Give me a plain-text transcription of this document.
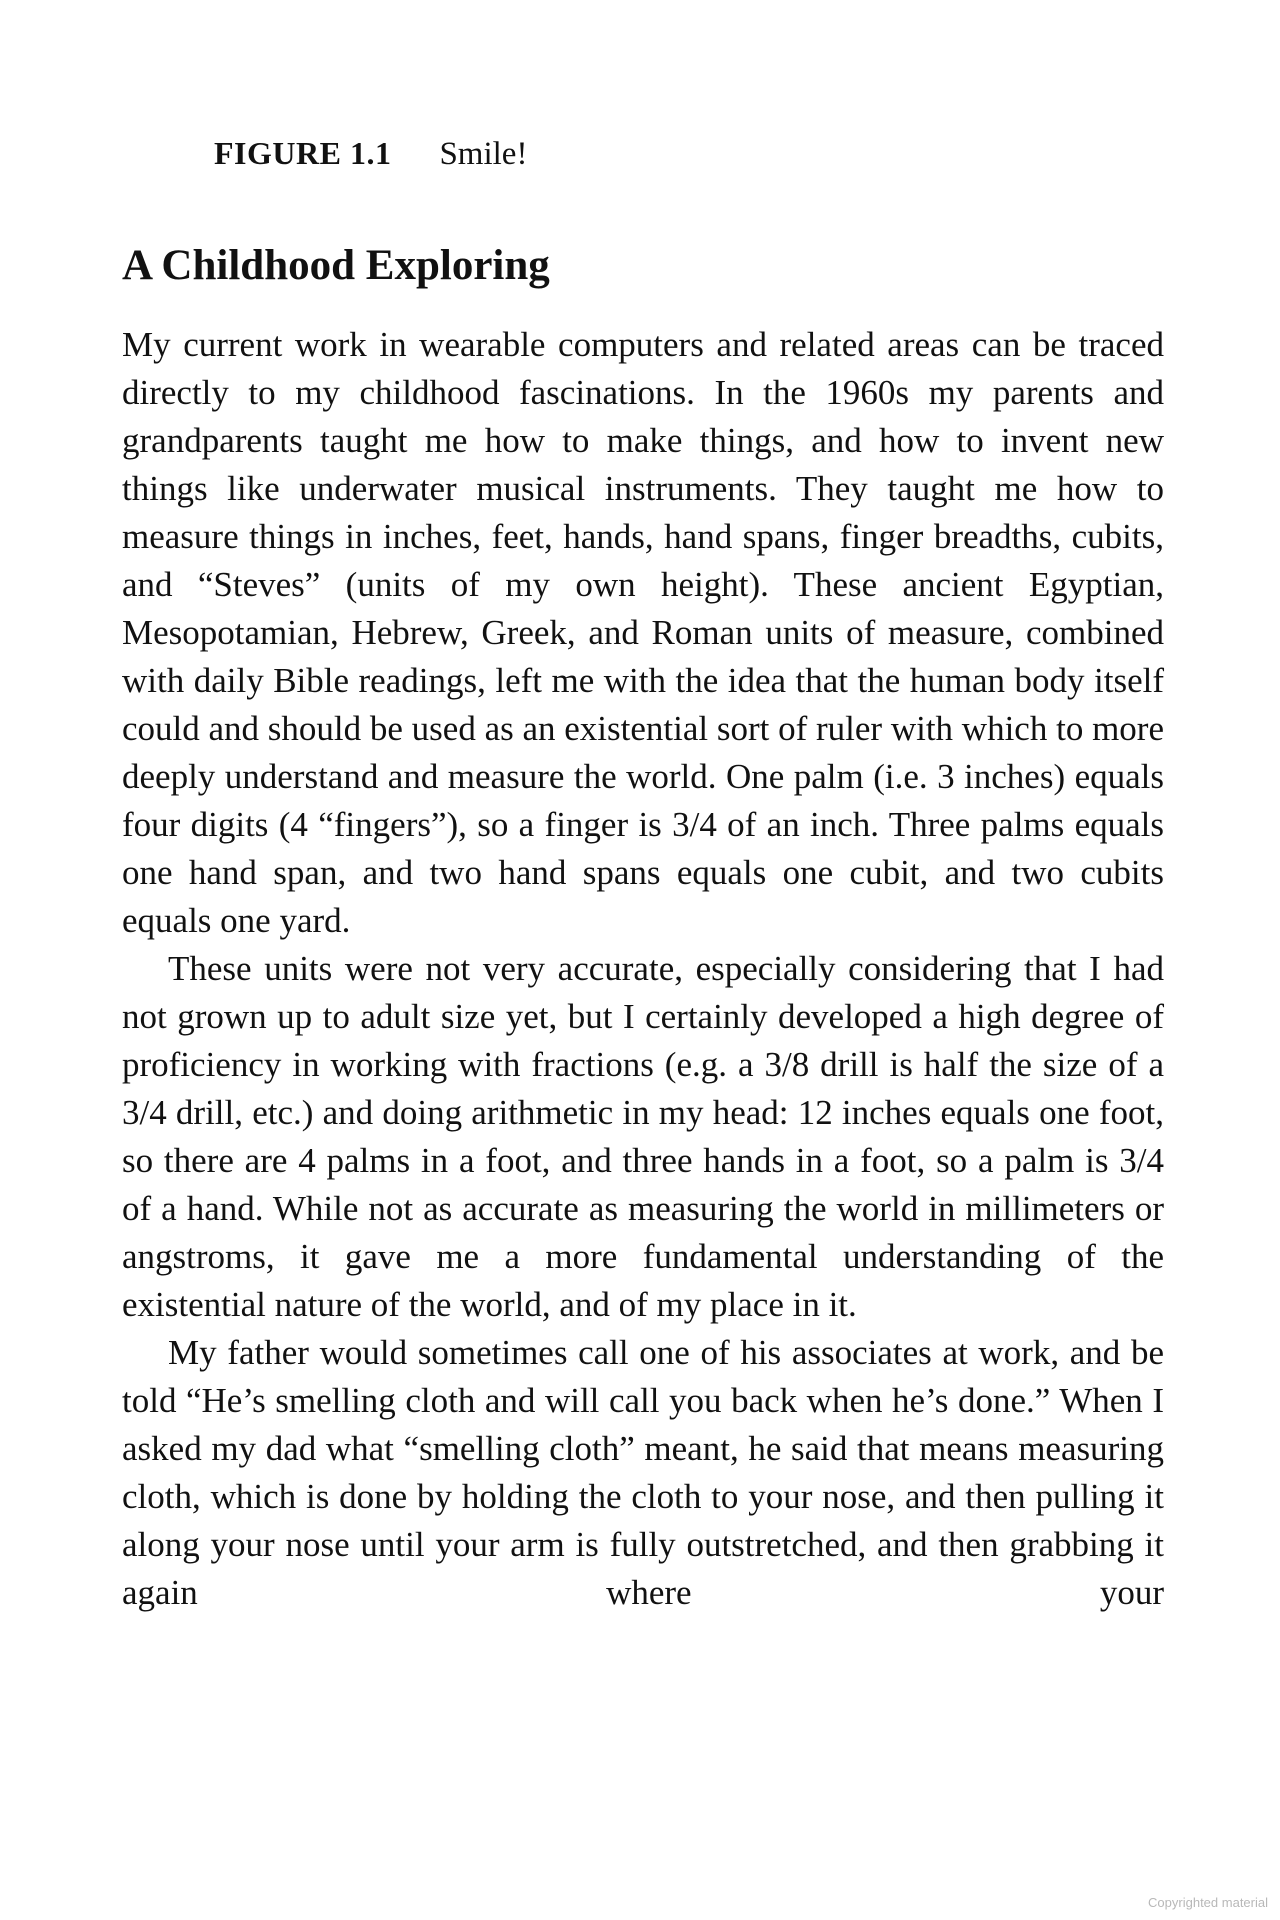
FIGURE 1.1 Smile!
A Childhood Exploring

My current work in wearable computers and related areas can be traced directly to my childhood fascinations. In the 1960s my parents and grandparents taught me how to make things, and how to invent new things like underwater musical instruments. They taught me how to measure things in inches, feet, hands, hand spans, finger breadths, cubits, and “Steves” (units of my own height). These ancient Egyptian, Mesopotamian, Hebrew, Greek, and Roman units of measure, combined with daily Bible readings, left me with the idea that the human body itself could and should be used as an existential sort of ruler with which to more deeply understand and measure the world. One palm (i.e. 3 inches) equals four digits (4 “fingers”), so a finger is 3/4 of an inch. Three palms equals one hand span, and two hand spans equals one cubit, and two cubits equals one yard.

These units were not very accurate, especially considering that I had not grown up to adult size yet, but I certainly developed a high degree of proficiency in working with fractions (e.g. a 3/8 drill is half the size of a 3/4 drill, etc.) and doing arithmetic in my head: 12 inches equals one foot, so there are 4 palms in a foot, and three hands in a foot, so a palm is 3/4 of a hand. While not as accurate as measuring the world in millimeters or angstroms, it gave me a more fundamental understanding of the existential nature of the world, and of my place in it.

My father would sometimes call one of his associates at work, and be told “He’s smelling cloth and will call you back when he’s done.” When I asked my dad what “smelling cloth” meant, he said that means measuring cloth, which is done by holding the cloth to your nose, and then pulling it along your nose until your arm is fully outstretched, and then grabbing it again where your

Copyrighted material
